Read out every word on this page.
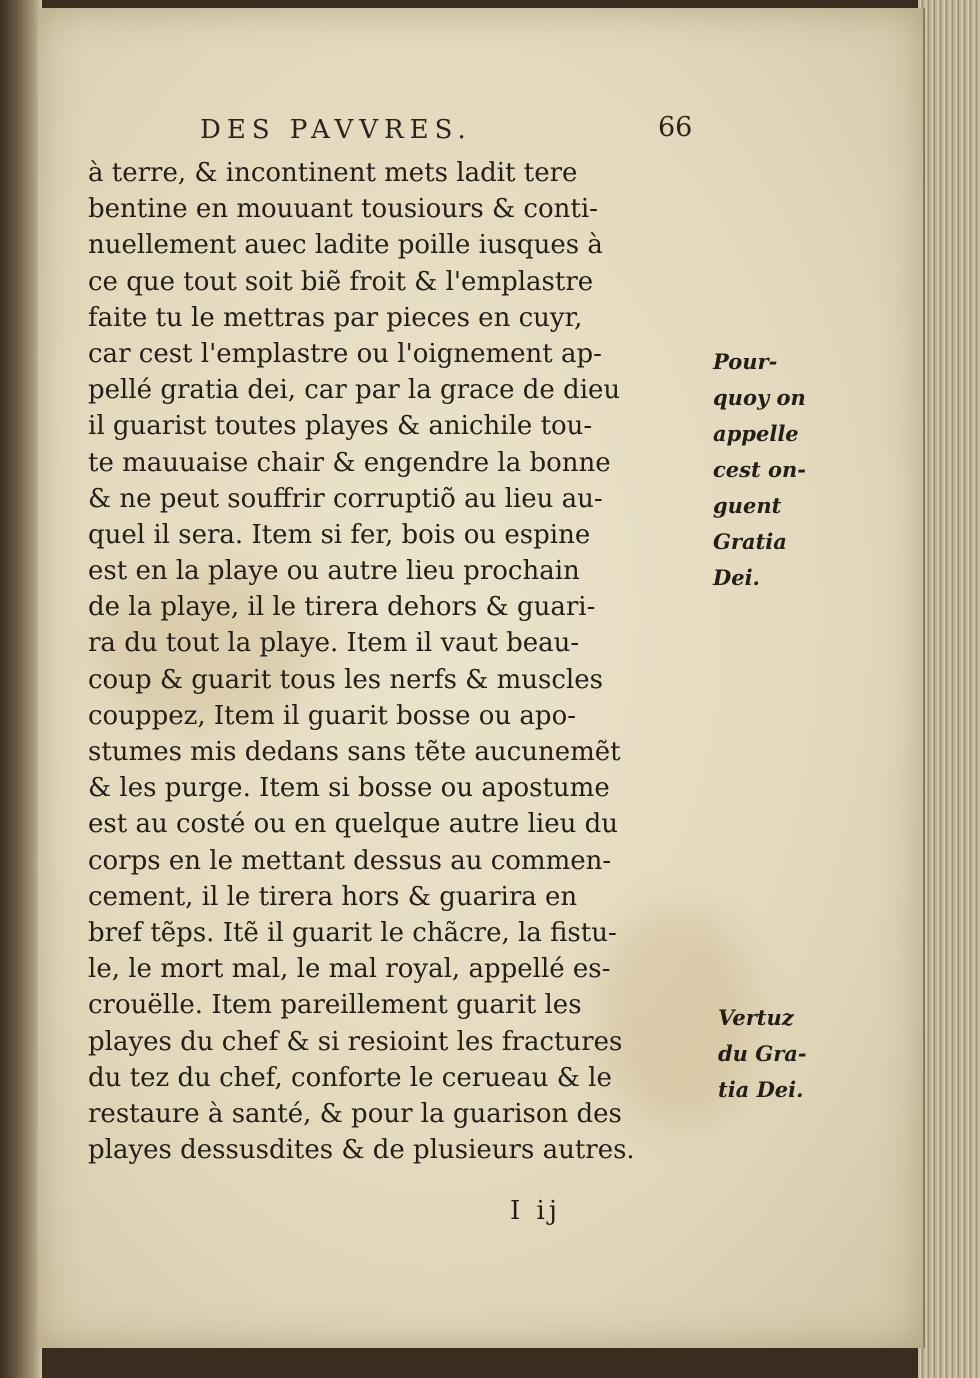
DES PAVVRES.	66
à terre, & incontinent mets ladit tere
bentine en mouuant tousiours & conti-
nuellement auec ladite poille iusques à
ce que tout soit biẽ froit & l'emplastre
faite tu le mettras par pieces en cuyr,
car cest l'emplastre ou l'oignement ap-
pellé gratia dei, car par la grace de dieu
il guarist toutes playes & anichile tou-
te mauuaise chair & engendre la bonne
& ne peut souffrir corruptiõ au lieu au-
quel il sera. Item si fer, bois ou espine
est en la playe ou autre lieu prochain
de la playe, il le tirera dehors & guari-
ra du tout la playe. Item il vaut beau-
coup & guarit tous les nerfs & muscles
couppez, Item il guarit bosse ou apo-
stumes mis dedans sans tẽte aucunemẽt
& les purge. Item si bosse ou apostume
est au costé ou en quelque autre lieu du
corps en le mettant dessus au commen-
cement, il le tirera hors & guarira en
bref tẽps. Itẽ il guarit le chãcre, la fistu-
le, le mort mal, le mal royal, appellé es-
crouëlle. Item pareillement guarit les
playes du chef & si resioint les fractures
du tez du chef, conforte le cerueau & le
restaure à santé, & pour la guarison des
playes dessusdites & de plusieurs autres.
Pour-
quoy on
appelle
cest on-
guent
Gratia
Dei.
Vertuz
du Gra-
tia Dei.
I ij
